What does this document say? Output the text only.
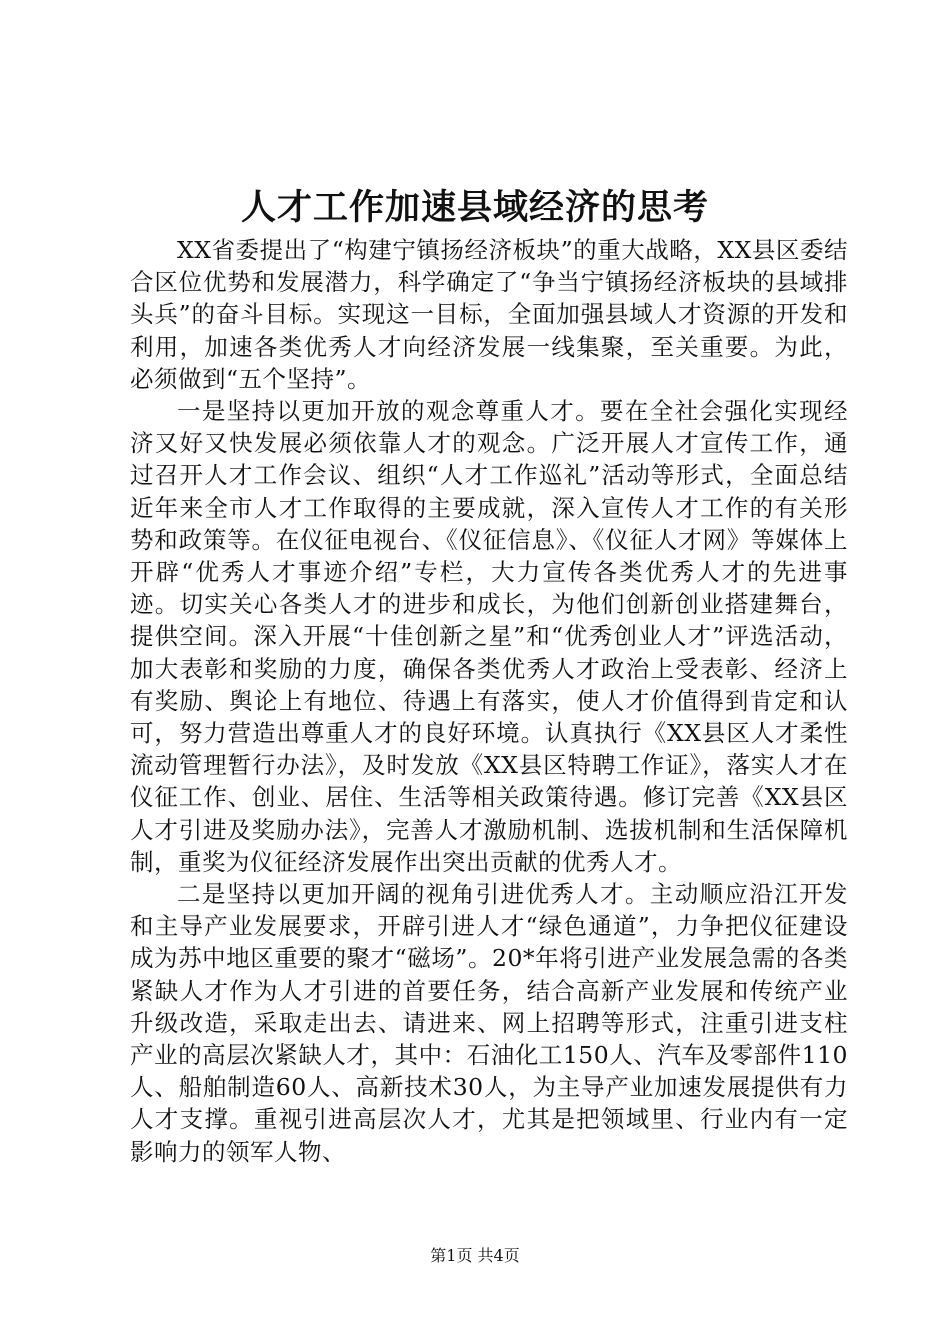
人才工作加速县域经济的思考

XX省委提出了“构建宁镇扬经济板块”的重大战略，XX县区委结合区位优势和发展潜力，科学确定了“争当宁镇扬经济板块的县域排头兵”的奋斗目标。实现这一目标，全面加强县域人才资源的开发和利用，加速各类优秀人才向经济发展一线集聚，至关重要。为此，必须做到“五个坚持”。

一是坚持以更加开放的观念尊重人才。要在全社会强化实现经济又好又快发展必须依靠人才的观念。广泛开展人才宣传工作，通过召开人才工作会议、组织“人才工作巡礼”活动等形式，全面总结近年来全市人才工作取得的主要成就，深入宣传人才工作的有关形势和政策等。在仪征电视台、《仪征信息》、《仪征人才网》等媒体上开辟“优秀人才事迹介绍”专栏，大力宣传各类优秀人才的先进事迹。切实关心各类人才的进步和成长，为他们创新创业搭建舞台，提供空间。深入开展“十佳创新之星”和“优秀创业人才”评选活动，加大表彰和奖励的力度，确保各类优秀人才政治上受表彰、经济上有奖励、舆论上有地位、待遇上有落实，使人才价值得到肯定和认可，努力营造出尊重人才的良好环境。认真执行《XX县区人才柔性流动管理暂行办法》，及时发放《XX县区特聘工作证》，落实人才在仪征工作、创业、居住、生活等相关政策待遇。修订完善《XX县区人才引进及奖励办法》，完善人才激励机制、选拔机制和生活保障机制，重奖为仪征经济发展作出突出贡献的优秀人才。

二是坚持以更加开阔的视角引进优秀人才。主动顺应沿江开发和主导产业发展要求，开辟引进人才“绿色通道”，力争把仪征建设成为苏中地区重要的聚才“磁场”。20*年将引进产业发展急需的各类紧缺人才作为人才引进的首要任务，结合高新产业发展和传统产业升级改造，采取走出去、请进来、网上招聘等形式，注重引进支柱产业的高层次紧缺人才，其中：石油化工150人、汽车及零部件110人、船舶制造60人、高新技术30人，为主导产业加速发展提供有力人才支撑。重视引进高层次人才，尤其是把领域里、行业内有一定影响力的领军人物、

第1页 共4页
